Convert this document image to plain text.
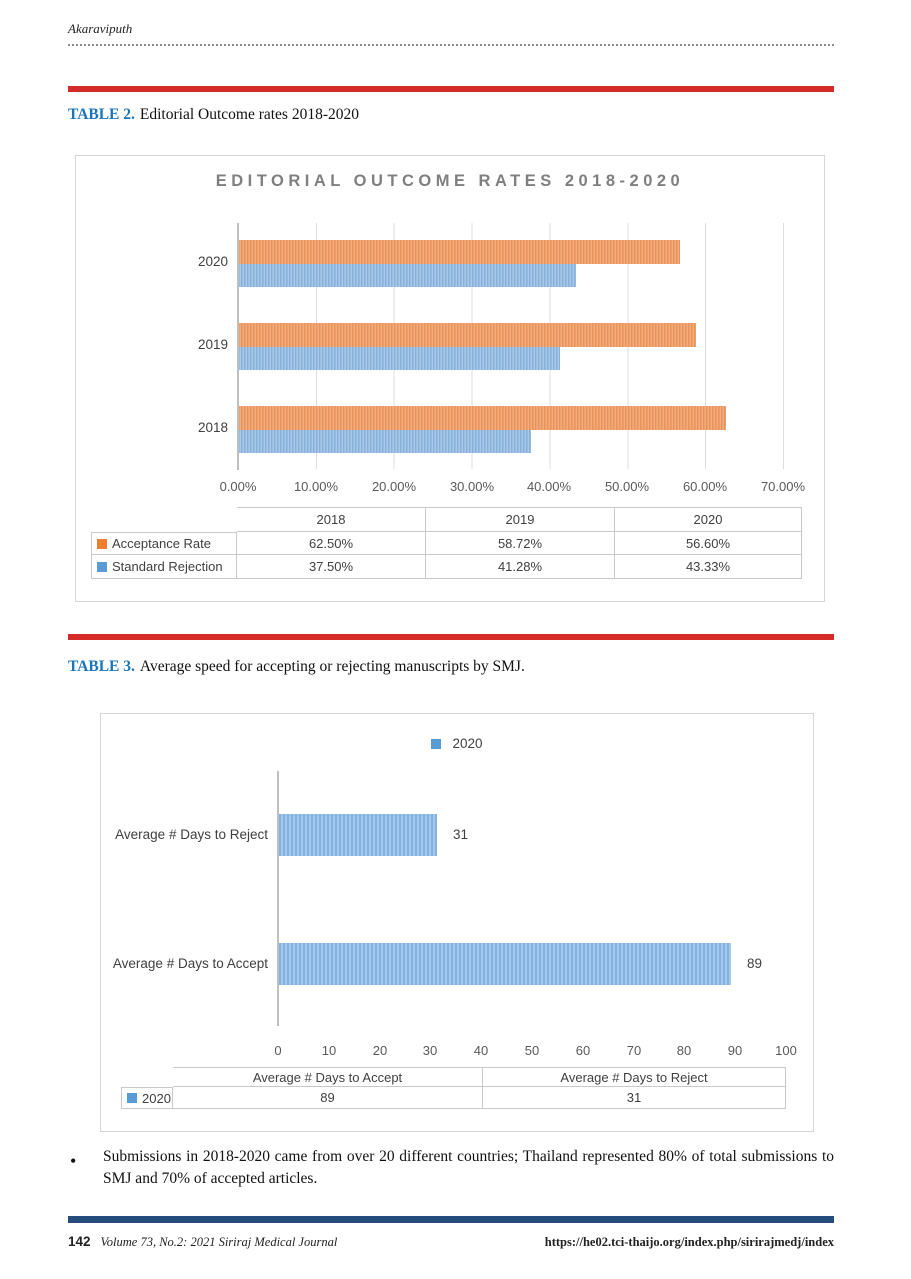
Akaraviputh
TABLE 2. Editorial Outcome rates 2018-2020
EDITORIAL OUTCOME RATES 2018-2020
2020
2019
2018
0.00%	10.00%	20.00%	30.00%	40.00%	50.00%	60.00%	70.00%
2018	2019	2020
Acceptance Rate	62.50%	58.72%	56.60%
Standard Rejection	37.50%	41.28%	43.33%
TABLE 3. Average speed for accepting or rejecting manuscripts by SMJ.
2020
Average # Days to Reject
Average # Days to Accept
31
89
0	10	20	30	40	50	60	70	80	90	100
Average # Days to Accept	Average # Days to Reject
2020	89	31
• Submissions in 2018-2020 came from over 20 different countries; Thailand represented 80% of total submissions to SMJ and 70% of accepted articles.
142 Volume 73, No.2: 2021 Siriraj Medical Journal	https://he02.tci-thaijo.org/index.php/sirirajmedj/index
